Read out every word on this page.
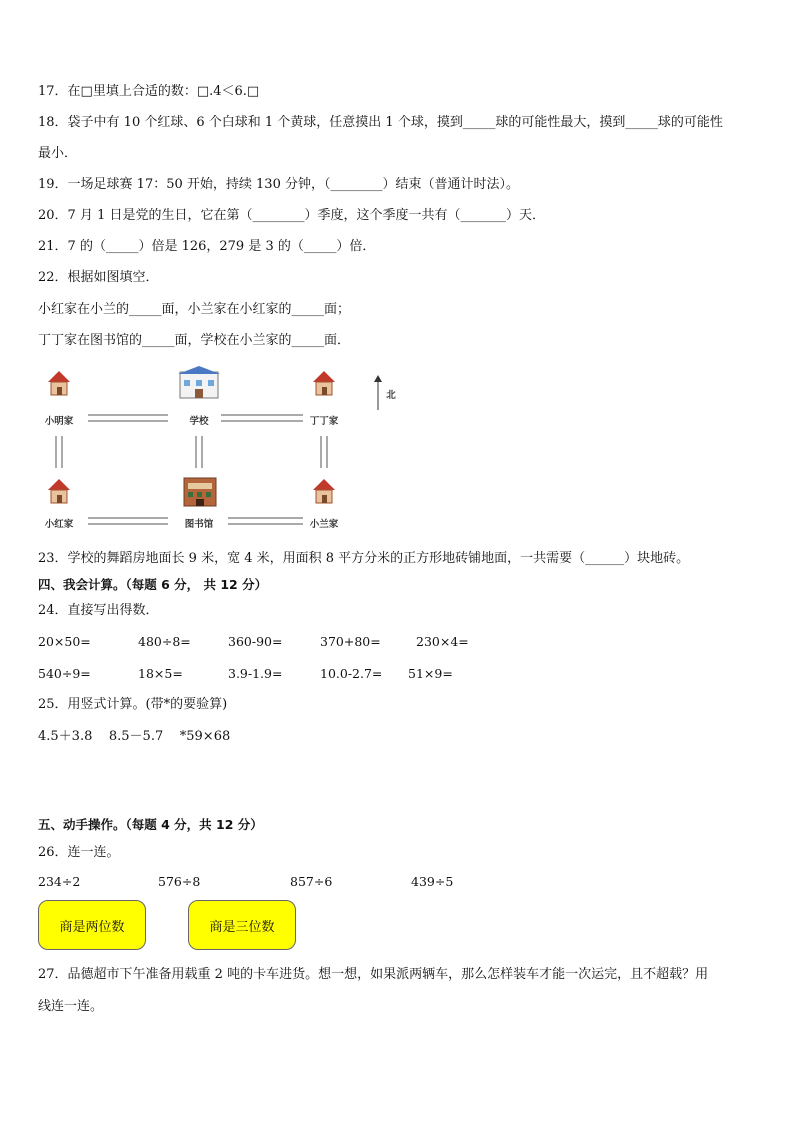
17．在□里填上合适的数：□.4＜6.□
18．袋子中有 10 个红球、6 个白球和 1 个黄球，任意摸出 1 个球，摸到_____球的可能性最大，摸到_____球的可能性
最小．
19．一场足球赛 17：50 开始，持续 130 分钟，（________）结束（普通计时法）。
20．7 月 1 日是党的生日，它在第（________）季度，这个季度一共有（_______）天．
21．7 的（_____）倍是 126，279 是 3 的（_____）倍．
22．根据如图填空．
小红家在小兰的_____面，小兰家在小红家的_____面；
丁丁家在图书馆的_____面，学校在小兰家的_____面．
小明家	学校	丁丁家
小红家	图书馆	小兰家
北
23．学校的舞蹈房地面长 9 米，宽 4 米，用面积 8 平方分米的正方形地砖铺地面，一共需要（______）块地砖。
四、我会计算。（每题 6 分， 共 12 分）
24．直接写出得数．
20×50=	480÷8=	360-90=	370+80=	230×4=
540÷9=	18×5=	3.9-1.9=	10.0-2.7= 51×9=
25．用竖式计算。(带*的要验算)
4.5＋3.8    8.5－5.7    *59×68
五、动手操作。（每题 4 分，共 12 分）
26．连一连。
234÷2	576÷8	857÷6	439÷5
商是两位数	商是三位数
27．品德超市下午准备用载重 2 吨的卡车进货。想一想，如果派两辆车，那么怎样装车才能一次运完，且不超载？用
线连一连。
